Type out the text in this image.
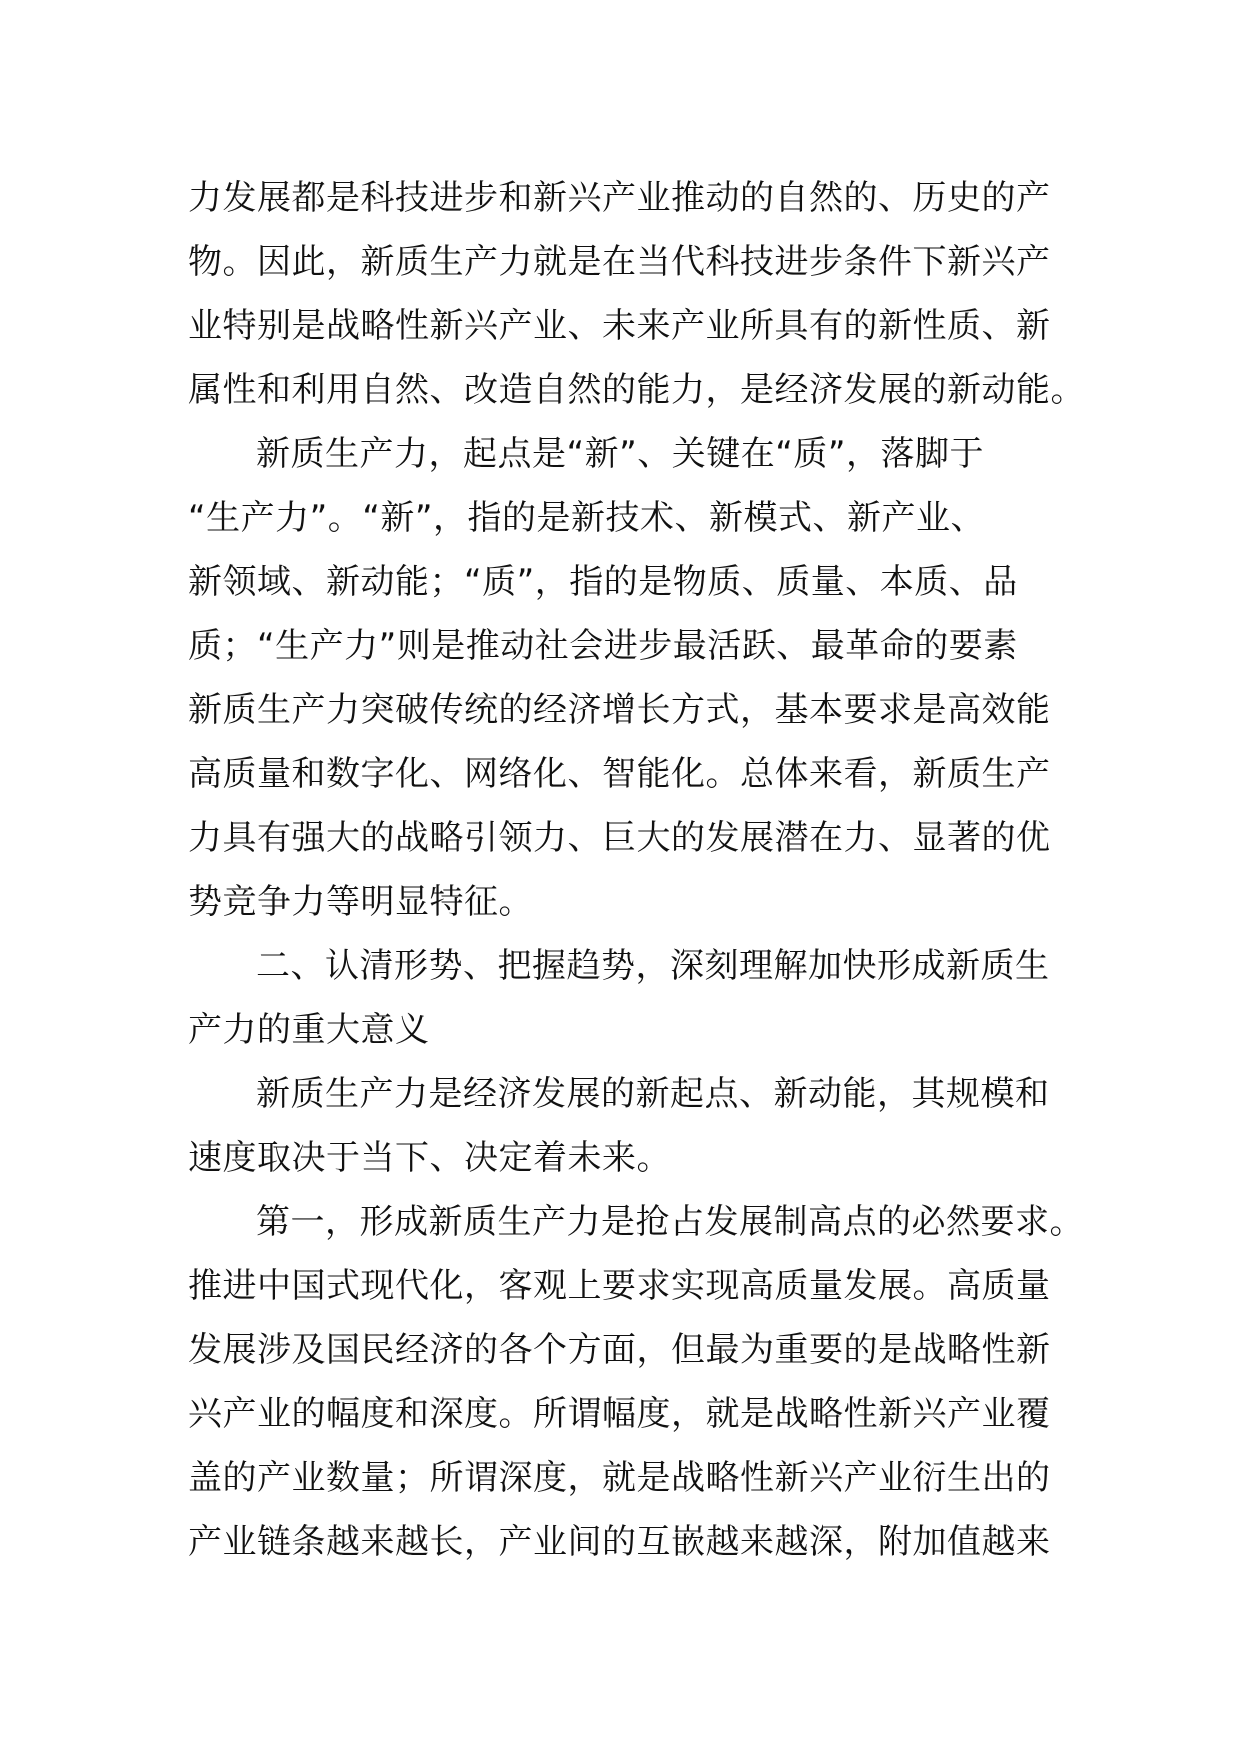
力发展都是科技进步和新兴产业推动的自然的、历史的产
物。因此，新质生产力就是在当代科技进步条件下新兴产
业特别是战略性新兴产业、未来产业所具有的新性质、新
属性和利用自然、改造自然的能力，是经济发展的新动能。
新质生产力，起点是“新”、关键在“质”，落脚于
“生产力”。“新”，指的是新技术、新模式、新产业、
新领域、新动能；“质”，指的是物质、质量、本质、品
质；“生产力”则是推动社会进步最活跃、最革命的要素
新质生产力突破传统的经济增长方式，基本要求是高效能
高质量和数字化、网络化、智能化。总体来看，新质生产
力具有强大的战略引领力、巨大的发展潜在力、显著的优
势竞争力等明显特征。
二、认清形势、把握趋势，深刻理解加快形成新质生
产力的重大意义
新质生产力是经济发展的新起点、新动能，其规模和
速度取决于当下、决定着未来。
第一，形成新质生产力是抢占发展制高点的必然要求。
推进中国式现代化，客观上要求实现高质量发展。高质量
发展涉及国民经济的各个方面，但最为重要的是战略性新
兴产业的幅度和深度。所谓幅度，就是战略性新兴产业覆
盖的产业数量；所谓深度，就是战略性新兴产业衍生出的
产业链条越来越长，产业间的互嵌越来越深，附加值越来
